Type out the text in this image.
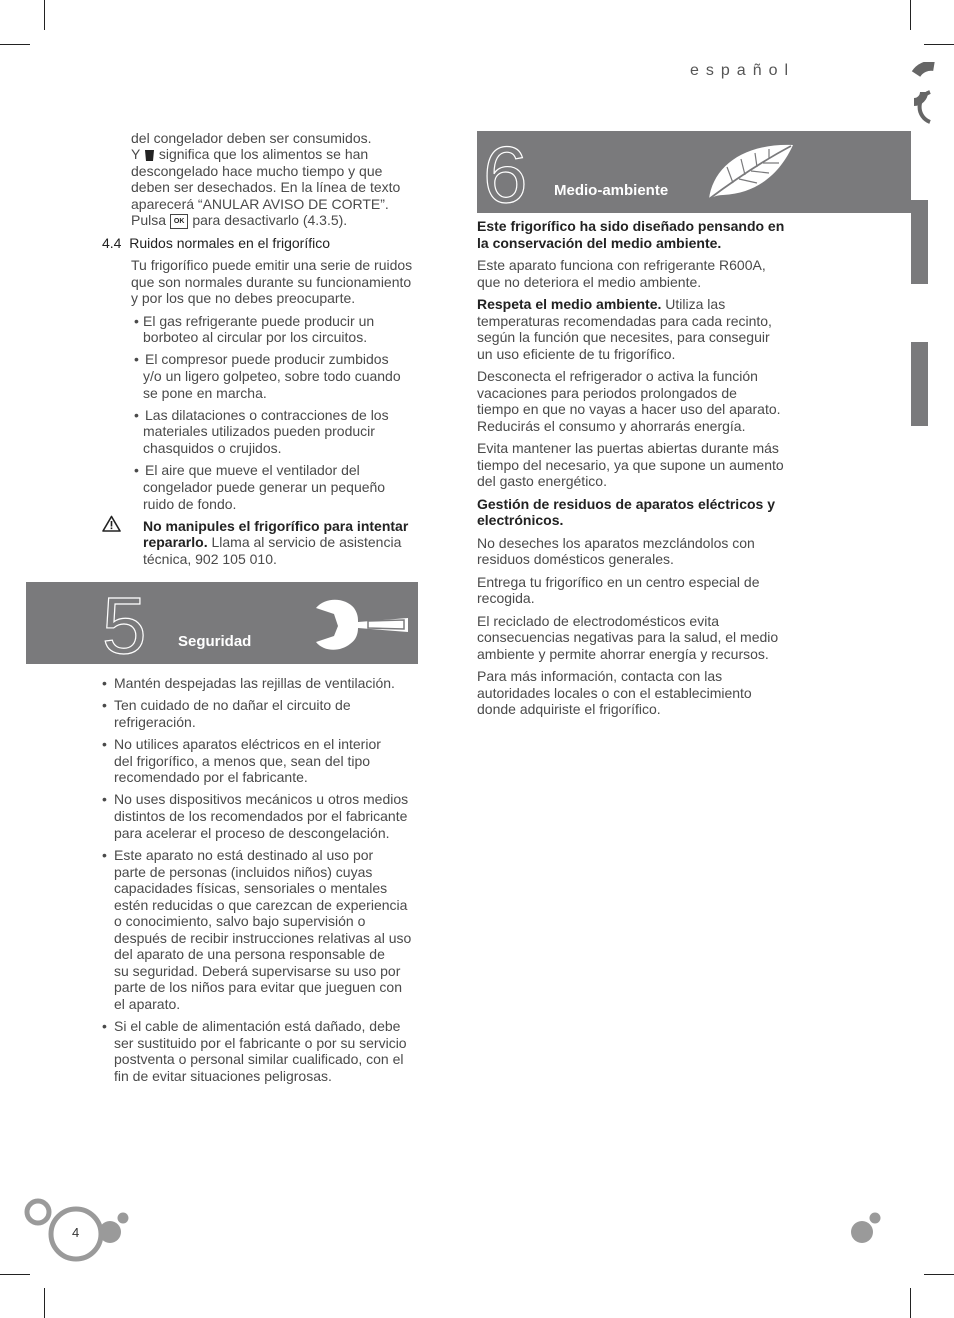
español

del congelador deben ser consumidos.

Y significa que los alimentos se han

descongelado hace mucho tiempo y que

deben ser desechados. En la línea de texto

aparecerá “ANULAR AVISO DE CORTE”.

Pulsa OK para desactivarlo (4.3.5).

4.4 Ruidos normales en el frigorífico

Tu frigorífico puede emitir una serie de ruidos

que son normales durante su funcionamiento

y por los que no debes preocuparte.

• El gas refrigerante puede producir un

borboteo al circular por los circuitos.

• El compresor puede producir zumbidos

y/o un ligero golpeteo, sobre todo cuando

se pone en marcha.

• Las dilataciones o contracciones de los

materiales utilizados pueden producir

chasquidos o crujidos.

• El aire que mueve el ventilador del

congelador puede generar un pequeño

ruido de fondo.

No manipules el frigorífico para intentar

repararlo. Llama al servicio de asistencia

técnica, 902 105 010.

5 Seguridad
• Mantén despejadas las rejillas de ventilación.

• Ten cuidado de no dañar el circuito de

refrigeración.

• No utilices aparatos eléctricos en el interior

del frigorífico, a menos que, sean del tipo

recomendado por el fabricante.

• No uses dispositivos mecánicos u otros medios

distintos de los recomendados por el fabricante

para acelerar el proceso de descongelación.

• Este aparato no está destinado al uso por

parte de personas (incluidos niños) cuyas

capacidades físicas, sensoriales o mentales

estén reducidas o que carezcan de experiencia

o conocimiento, salvo bajo supervisión o

después de recibir instrucciones relativas al uso

del aparato de una persona responsable de

su seguridad. Deberá supervisarse su uso por

parte de los niños para evitar que jueguen con

el aparato.

• Si el cable de alimentación está dañado, debe

ser sustituido por el fabricante o por su servicio

postventa o personal similar cualificado, con el

fin de evitar situaciones peligrosas.

6 Medio-ambiente

Este frigorífico ha sido diseñado pensando en

la conservación del medio ambiente.

Este aparato funciona con refrigerante R600A,

que no deteriora el medio ambiente.

Respeta el medio ambiente. Utiliza las

temperaturas recomendadas para cada recinto,

según la función que necesites, para conseguir

un uso eficiente de tu frigorífico.

Desconecta el refrigerador o activa la función

vacaciones para periodos prolongados de

tiempo en que no vayas a hacer uso del aparato.

Reducirás el consumo y ahorrarás energía.

Evita mantener las puertas abiertas durante más

tiempo del necesario, ya que supone un aumento

del gasto energético.

Gestión de residuos de aparatos eléctricos y

electrónicos.

No deseches los aparatos mezclándolos con

residuos domésticos generales.

Entrega tu frigorífico en un centro especial de

recogida.

El reciclado de electrodomésticos evita

consecuencias negativas para la salud, el medio

ambiente y permite ahorrar energía y recursos.

Para más información, contacta con las

autoridades locales o con el establecimiento

donde adquiriste el frigorífico.

4
